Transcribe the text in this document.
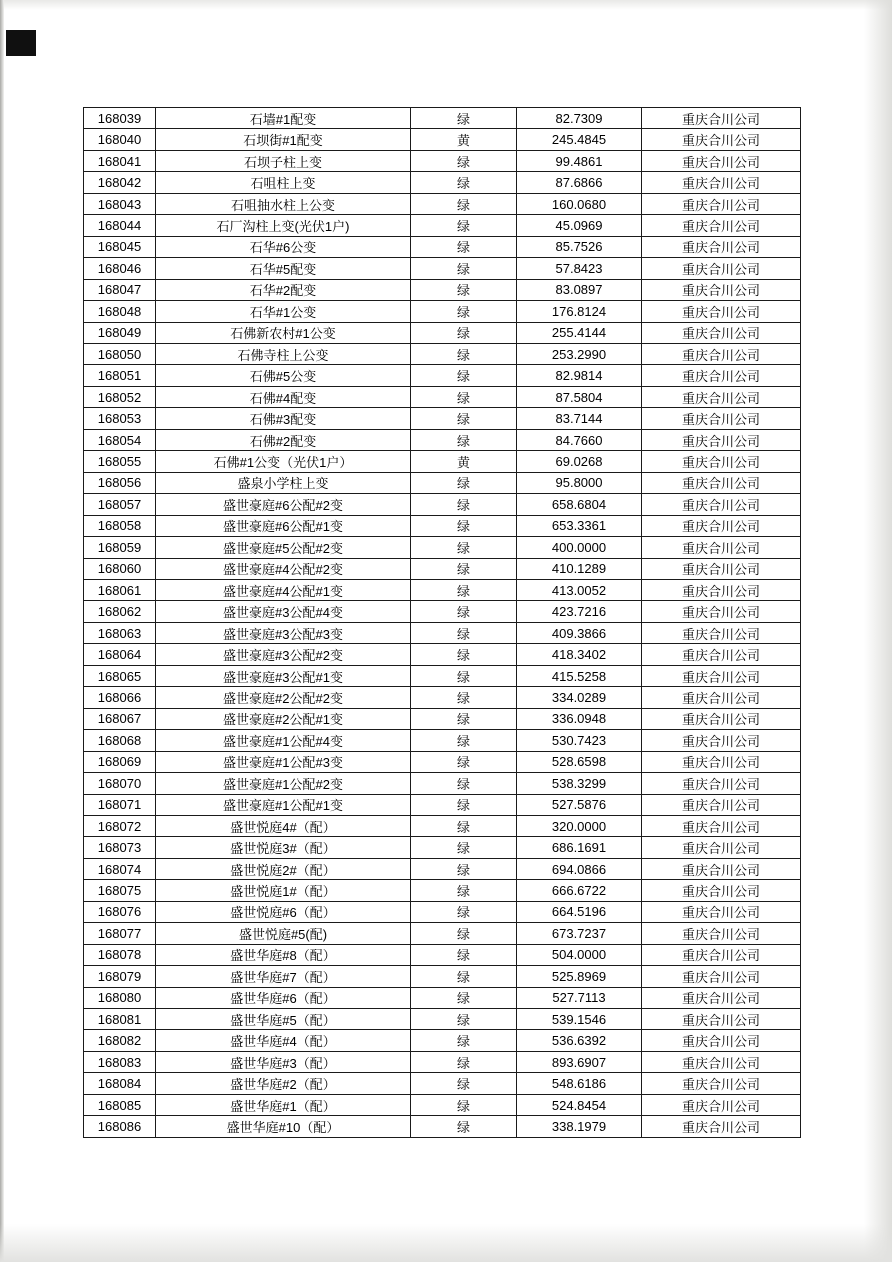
168039	石墙#1配变	绿	82.7309	重庆合川公司
168040	石坝街#1配变	黄	245.4845	重庆合川公司
168041	石坝子柱上变	绿	99.4861	重庆合川公司
168042	石咀柱上变	绿	87.6866	重庆合川公司
168043	石咀抽水柱上公变	绿	160.0680	重庆合川公司
168044	石厂沟柱上变(光伏1户)	绿	45.0969	重庆合川公司
168045	石华#6公变	绿	85.7526	重庆合川公司
168046	石华#5配变	绿	57.8423	重庆合川公司
168047	石华#2配变	绿	83.0897	重庆合川公司
168048	石华#1公变	绿	176.8124	重庆合川公司
168049	石佛新农村#1公变	绿	255.4144	重庆合川公司
168050	石佛寺柱上公变	绿	253.2990	重庆合川公司
168051	石佛#5公变	绿	82.9814	重庆合川公司
168052	石佛#4配变	绿	87.5804	重庆合川公司
168053	石佛#3配变	绿	83.7144	重庆合川公司
168054	石佛#2配变	绿	84.7660	重庆合川公司
168055	石佛#1公变（光伏1户）	黄	69.0268	重庆合川公司
168056	盛泉小学柱上变	绿	95.8000	重庆合川公司
168057	盛世豪庭#6公配#2变	绿	658.6804	重庆合川公司
168058	盛世豪庭#6公配#1变	绿	653.3361	重庆合川公司
168059	盛世豪庭#5公配#2变	绿	400.0000	重庆合川公司
168060	盛世豪庭#4公配#2变	绿	410.1289	重庆合川公司
168061	盛世豪庭#4公配#1变	绿	413.0052	重庆合川公司
168062	盛世豪庭#3公配#4变	绿	423.7216	重庆合川公司
168063	盛世豪庭#3公配#3变	绿	409.3866	重庆合川公司
168064	盛世豪庭#3公配#2变	绿	418.3402	重庆合川公司
168065	盛世豪庭#3公配#1变	绿	415.5258	重庆合川公司
168066	盛世豪庭#2公配#2变	绿	334.0289	重庆合川公司
168067	盛世豪庭#2公配#1变	绿	336.0948	重庆合川公司
168068	盛世豪庭#1公配#4变	绿	530.7423	重庆合川公司
168069	盛世豪庭#1公配#3变	绿	528.6598	重庆合川公司
168070	盛世豪庭#1公配#2变	绿	538.3299	重庆合川公司
168071	盛世豪庭#1公配#1变	绿	527.5876	重庆合川公司
168072	盛世悦庭4#（配）	绿	320.0000	重庆合川公司
168073	盛世悦庭3#（配）	绿	686.1691	重庆合川公司
168074	盛世悦庭2#（配）	绿	694.0866	重庆合川公司
168075	盛世悦庭1#（配）	绿	666.6722	重庆合川公司
168076	盛世悦庭#6（配）	绿	664.5196	重庆合川公司
168077	盛世悦庭#5(配)	绿	673.7237	重庆合川公司
168078	盛世华庭#8（配）	绿	504.0000	重庆合川公司
168079	盛世华庭#7（配）	绿	525.8969	重庆合川公司
168080	盛世华庭#6（配）	绿	527.7113	重庆合川公司
168081	盛世华庭#5（配）	绿	539.1546	重庆合川公司
168082	盛世华庭#4（配）	绿	536.6392	重庆合川公司
168083	盛世华庭#3（配）	绿	893.6907	重庆合川公司
168084	盛世华庭#2（配）	绿	548.6186	重庆合川公司
168085	盛世华庭#1（配）	绿	524.8454	重庆合川公司
168086	盛世华庭#10（配）	绿	338.1979	重庆合川公司
